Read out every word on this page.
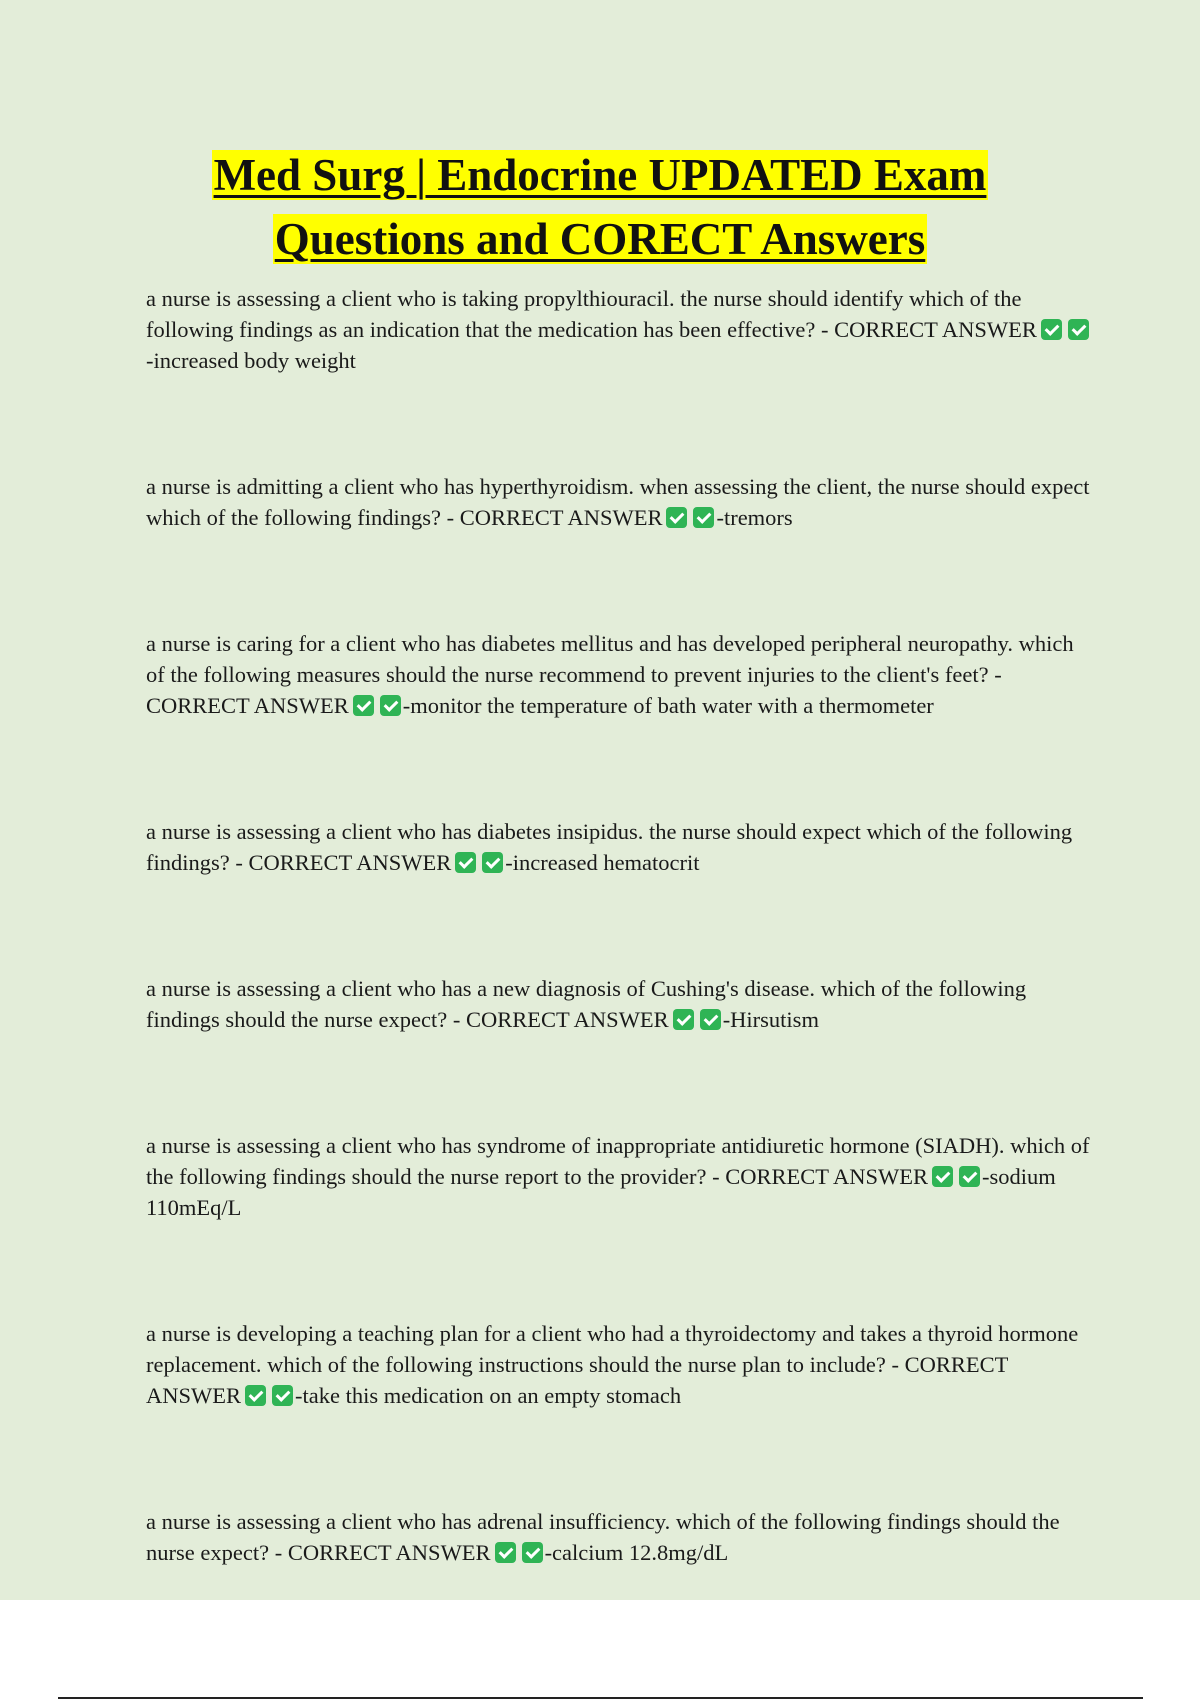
Med Surg | Endocrine UPDATED Exam
Questions and CORECT Answers
a nurse is assessing a client who is taking propylthiouracil. the nurse should identify which of the following findings as an indication that the medication has been effective? - CORRECT ANSWER-increased body weight
a nurse is admitting a client who has hyperthyroidism. when assessing the client, the nurse should expect which of the following findings? - CORRECT ANSWER -tremors
a nurse is caring for a client who has diabetes mellitus and has developed peripheral neuropathy. which of the following measures should the nurse recommend to prevent injuries to the client's feet? - CORRECT ANSWER -monitor the temperature of bath water with a thermometer
a nurse is assessing a client who has diabetes insipidus. the nurse should expect which of the following findings? - CORRECT ANSWER -increased hematocrit
a nurse is assessing a client who has a new diagnosis of Cushing's disease. which of the following findings should the nurse expect? - CORRECT ANSWER -Hirsutism
a nurse is assessing a client who has syndrome of inappropriate antidiuretic hormone (SIADH). which of the following findings should the nurse report to the provider? - CORRECT ANSWER -sodium 110mEq/L
a nurse is developing a teaching plan for a client who had a thyroidectomy and takes a thyroid hormone replacement. which of the following instructions should the nurse plan to include? - CORRECT ANSWER -take this medication on an empty stomach
a nurse is assessing a client who has adrenal insufficiency. which of the following findings should the nurse expect? - CORRECT ANSWER -calcium 12.8mg/dL
